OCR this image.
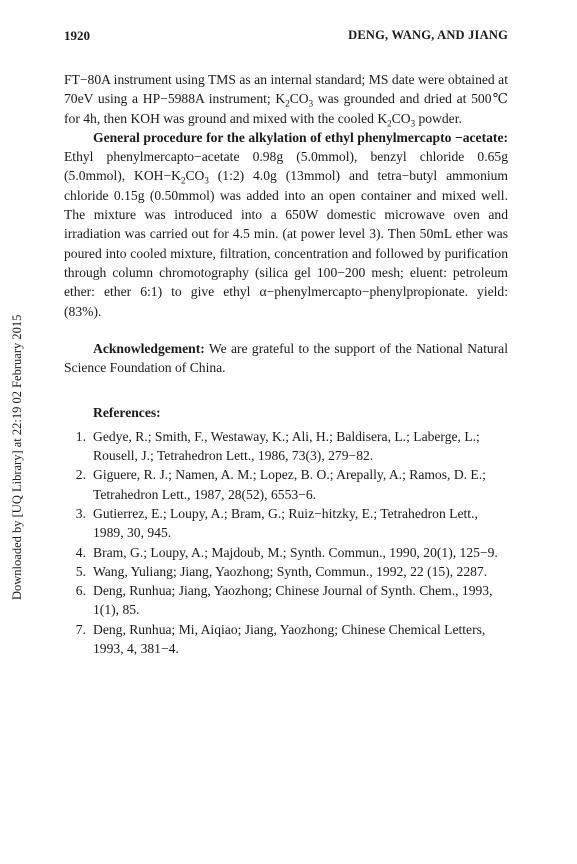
Downloaded by [UQ Library] at 22:19 02 February 2015
1920	DENG, WANG, AND JIANG

FT−80A instrument using TMS as an internal standard; MS date were obtained at 70eV using a HP−5988A instrument; $K_2CO_3$ was grounded and dried at 500℃ for 4h, then KOH was ground and mixed with the cooled $K_2CO_3$ powder.

General procedure for the alkylation of ethyl phenylmercapto −acetate: Ethyl phenylmercapto−acetate 0.98g (5.0mmol), benzyl chloride 0.65g (5.0mmol), $KOH-K_2CO_3$ (1:2) 4.0g (13mmol) and tetra−butyl ammonium chloride 0.15g (0.50mmol) was added into an open container and mixed well. The mixture was introduced into a 650W domestic microwave oven and irradiation was carried out for 4.5 min. (at power level 3). Then 50mL ether was poured into cooled mixture, filtration, concentration and followed by purification through column chromotography (silica gel 100−200 mesh; eluent: petroleum ether: ether 6:1) to give ethyl α−phenylmercapto−phenylpropionate. yield: (83%).

Acknowledgement: We are grateful to the support of the National Natural Science Foundation of China.

References:

1. Gedye, R.; Smith, F., Westaway, K.; Ali, H.; Baldisera, L.; Laberge, L.; Rousell, J.; Tetrahedron Lett., 1986, 73(3), 279−82.
2. Giguere, R. J.; Namen, A. M.; Lopez, B. O.; Arepally, A.; Ramos, D. E.; Tetrahedron Lett., 1987, 28(52), 6553−6.
3. Gutierrez, E.; Loupy, A.; Bram, G.; Ruiz−hitzky, E.; Tetrahedron Lett., 1989, 30, 945.
4. Bram, G.; Loupy, A.; Majdoub, M.; Synth. Commun., 1990, 20(1), 125−9.
5. Wang, Yuliang; Jiang, Yaozhong; Synth, Commun., 1992, 22 (15), 2287.
6. Deng, Runhua; Jiang, Yaozhong; Chinese Journal of Synth. Chem., 1993, 1(1), 85.
7. Deng, Runhua; Mi, Aiqiao; Jiang, Yaozhong; Chinese Chemical Letters, 1993, 4, 381−4.
